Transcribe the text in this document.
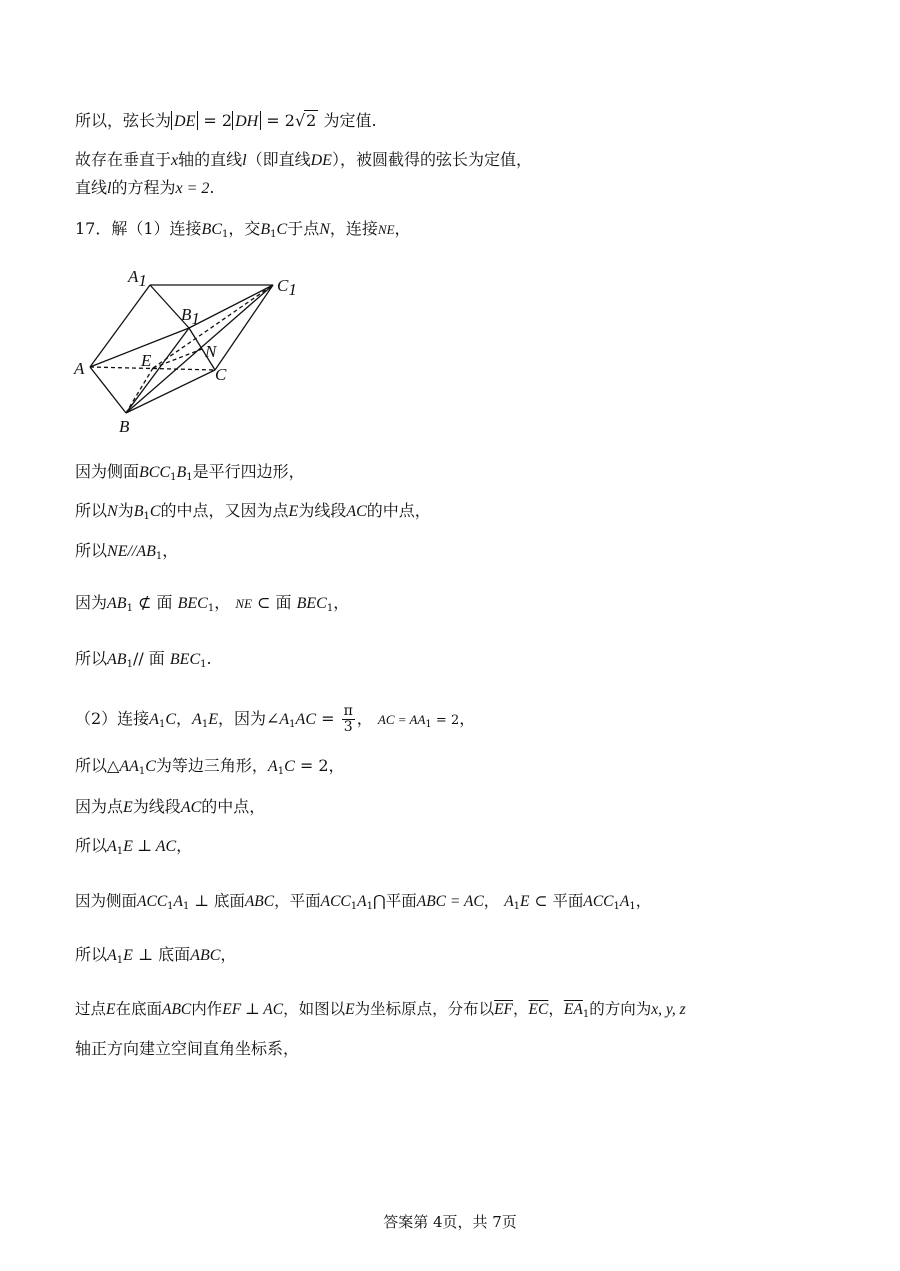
所以，弦长为 DE = 2 DH = 2√2 为定值.

故存在垂直于x轴的直线l（即直线DE），被圆截得的弦长为定值，

直线l的方程为x = 2.

17．解（1）连接$BC_1$，交$B_1C$于点N，连接NE，

A1	C1
B1
A	E	N
C
B

因为侧面$BCC_1B_1$是平行四边形，

所以N为$B_1C$的中点，又因为点E为线段AC的中点，

所以$NE//AB_1$，

因为$AB_1$ ⊄ 面 $BEC_1$， NE ⊂ 面 $BEC_1$，

所以$AB_1//$ 面 $BEC_1$.

（2）连接$A_1C$，$A_1E$，因为$\angle A_1AC = \frac{\pi}{3}$ ， AC = $AA_1 = 2$，

所以$\triangle AA_1C$为等边三角形，$A_1C = 2$，

因为点E为线段AC的中点，

所以$A_1E$ ⊥ AC，

因为侧面$ACC_1A_1$ ⊥ 底面ABC，平面$ACC_1A_1⋂$平面ABC = AC， $A_1E$ ⊂ 平面$ACC_1A_1$，

所以$A_1E$ ⊥ 底面ABC，

过点E在底面ABC内作EF ⊥ AC，如图以E为坐标原点，分布以$\overline{EF}$，$\overline{EC}$，$\overline{EA}_1$的方向为x, y, z

轴正方向建立空间直角坐标系，

答案第 4页，共 7页
